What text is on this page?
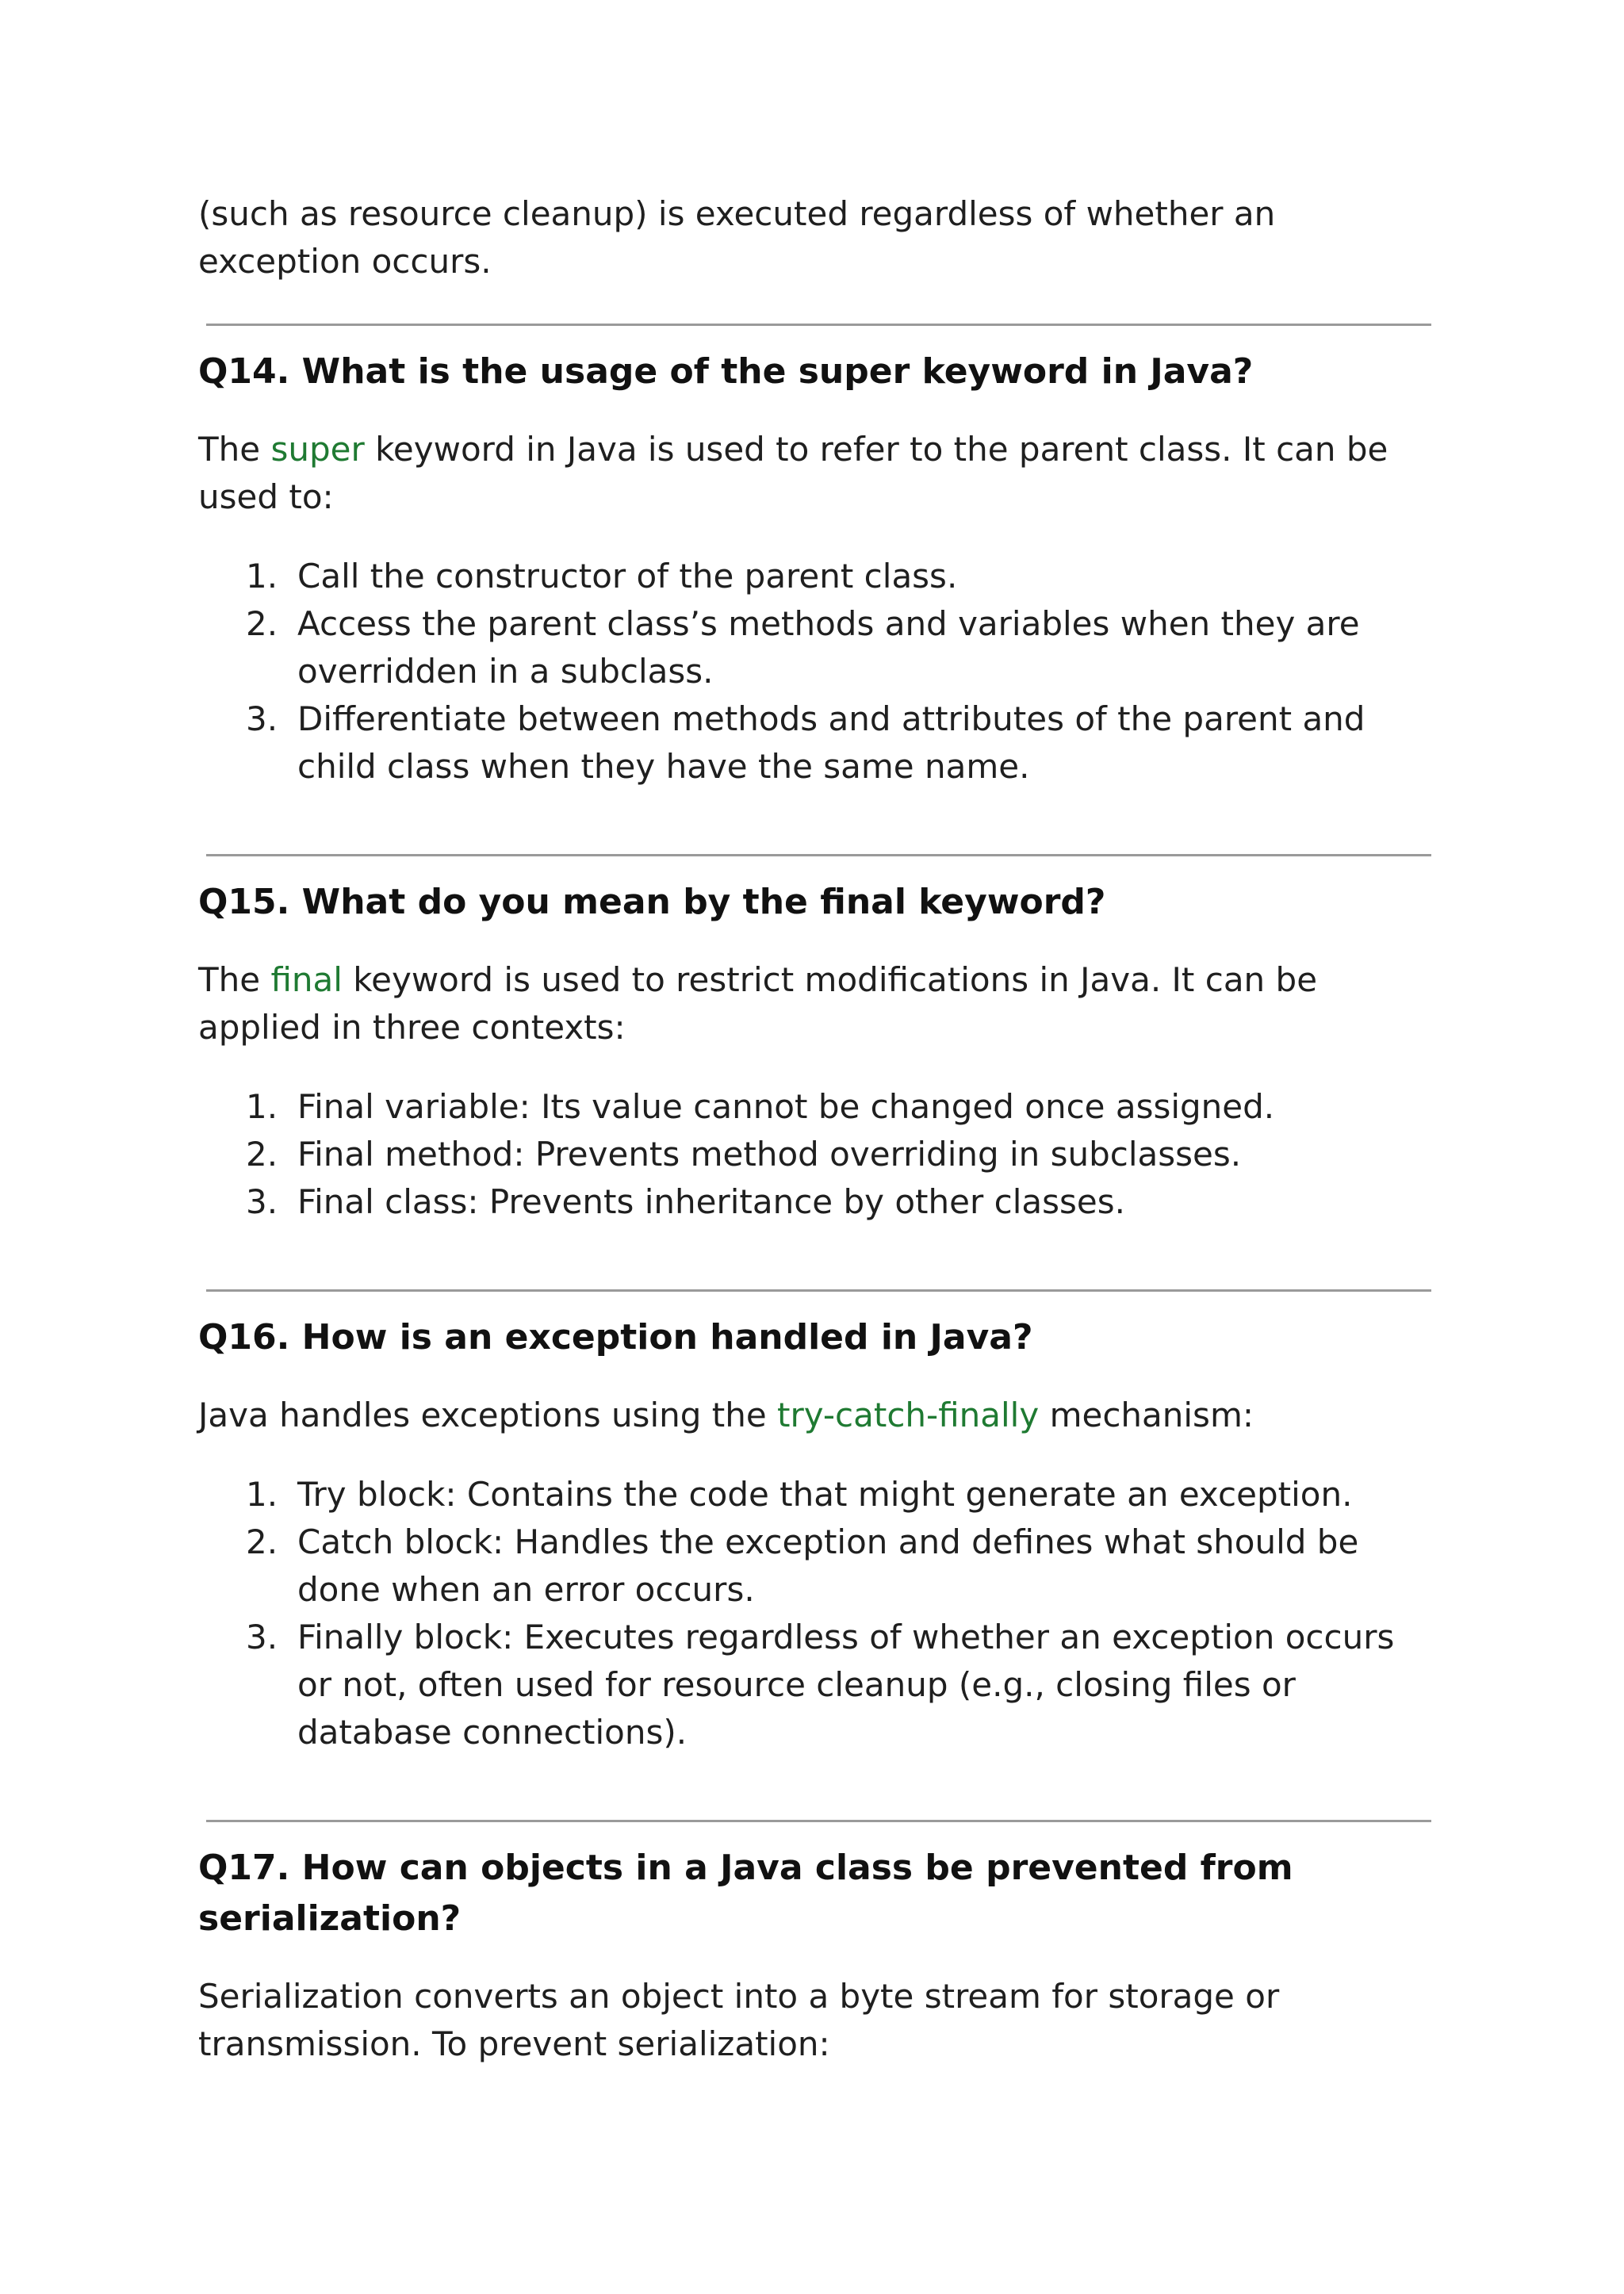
(such as resource cleanup) is executed regardless of whether an exception occurs.

Q14. What is the usage of the super keyword in Java?

The super keyword in Java is used to refer to the parent class. It can be used to:

1. Call the constructor of the parent class.
2. Access the parent class’s methods and variables when they are overridden in a subclass.
3. Differentiate between methods and attributes of the parent and child class when they have the same name.
Q15. What do you mean by the final keyword?

The final keyword is used to restrict modifications in Java. It can be applied in three contexts:

1. Final variable: Its value cannot be changed once assigned.
2. Final method: Prevents method overriding in subclasses.
3. Final class: Prevents inheritance by other classes.
Q16. How is an exception handled in Java?

Java handles exceptions using the try-catch-finally mechanism:

1. Try block: Contains the code that might generate an exception.
2. Catch block: Handles the exception and defines what should be done when an error occurs.
3. Finally block: Executes regardless of whether an exception occurs or not, often used for resource cleanup (e.g., closing files or database connections).
Q17. How can objects in a Java class be prevented from serialization?

Serialization converts an object into a byte stream for storage or transmission. To prevent serialization:
